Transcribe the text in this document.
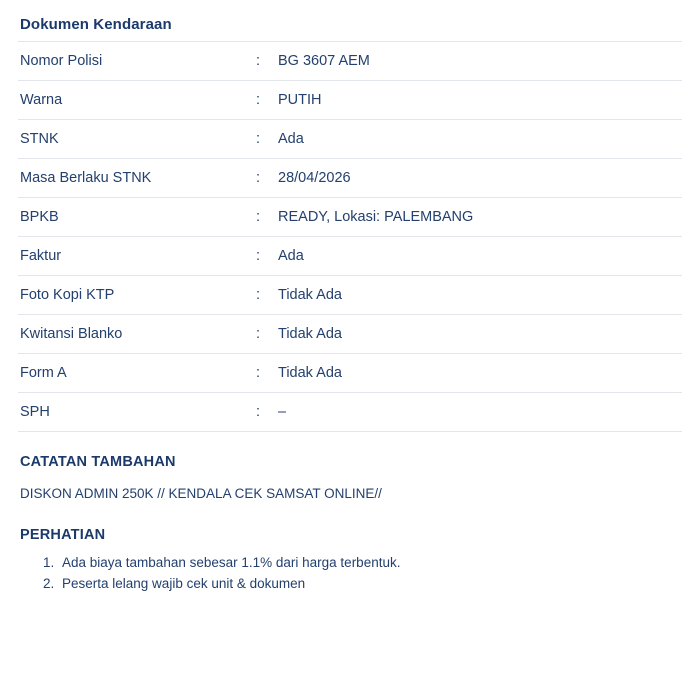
Dokumen Kendaraan
Nomor Polisi	:	BG 3607 AEM
Warna	:	PUTIH
STNK	:	Ada
Masa Berlaku STNK	:	28/04/2026
BPKB	:	READY, Lokasi: PALEMBANG
Faktur	:	Ada
Foto Kopi KTP	:	Tidak Ada
Kwitansi Blanko	:	Tidak Ada
Form A	:	Tidak Ada
SPH	:	–
CATATAN TAMBAHAN
DISKON ADMIN 250K // KENDALA CEK SAMSAT ONLINE//
PERHATIAN
1. Ada biaya tambahan sebesar 1.1% dari harga terbentuk.
2. Peserta lelang wajib cek unit & dokumen
